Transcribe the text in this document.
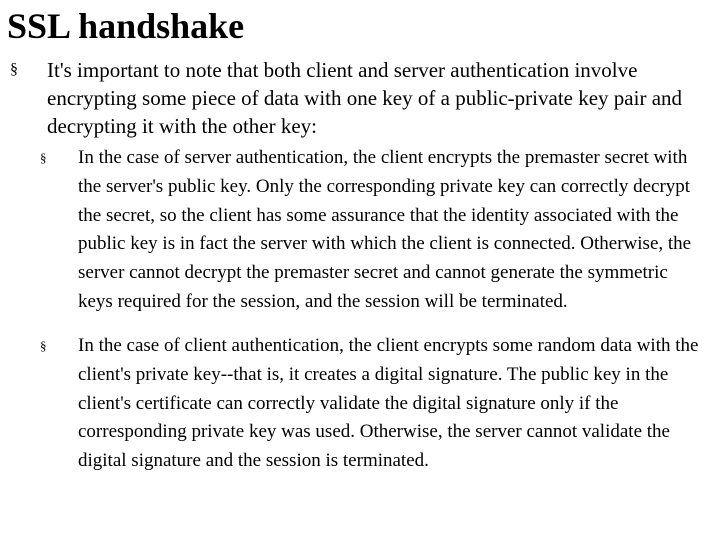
SSL handshake
§ It's important to note that both client and server authentication involve encrypting some piece of data with one key of a public-private key pair and decrypting it with the other key:
§ In the case of server authentication, the client encrypts the premaster secret with the server's public key. Only the corresponding private key can correctly decrypt the secret, so the client has some assurance that the identity associated with the public key is in fact the server with which the client is connected. Otherwise, the server cannot decrypt the premaster secret and cannot generate the symmetric keys required for the session, and the session will be terminated.
§ In the case of client authentication, the client encrypts some random data with the client's private key--that is, it creates a digital signature. The public key in the client's certificate can correctly validate the digital signature only if the corresponding private key was used. Otherwise, the server cannot validate the digital signature and the session is terminated.
